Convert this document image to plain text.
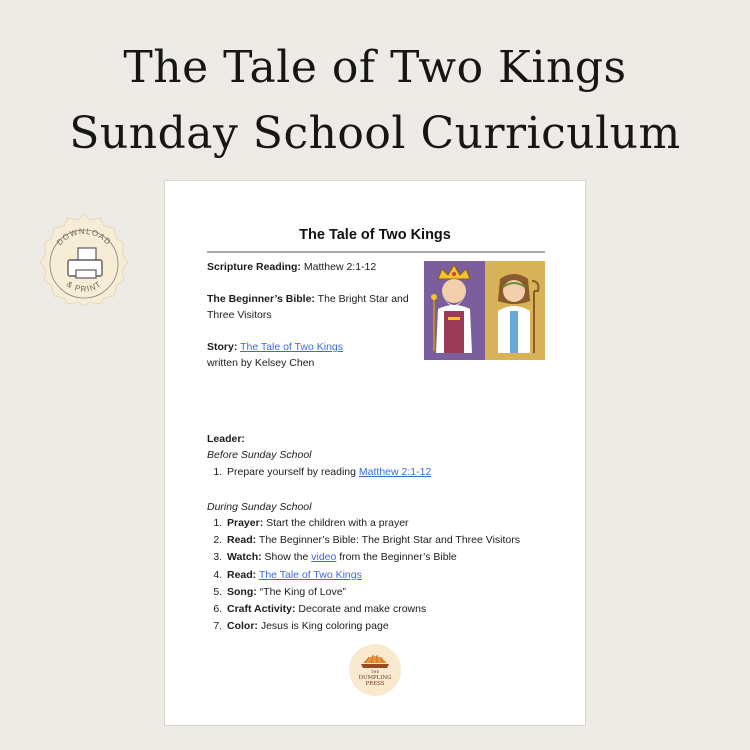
The Tale of Two Kings
Sunday School Curriculum
DOWNLOAD
& PRINT
The Tale of Two Kings
Scripture Reading: Matthew 2:1-12
The Beginner’s Bible: The Bright Star and
Three Visitors
Story: The Tale of Two Kings
written by Kelsey Chen
Leader:
Before Sunday School
1. Prepare yourself by reading Matthew 2:1-12
During Sunday School
1. Prayer: Start the children with a prayer
2. Read: The Beginner’s Bible: The Bright Star and Three Visitors
3. Watch: Show the video from the Beginner’s Bible
4. Read: The Tale of Two Kings
5. Song: “The King of Love”
6. Craft Activity: Decorate and make crowns
7. Color: Jesus is King coloring page
THE
DUMPLING
PRESS
